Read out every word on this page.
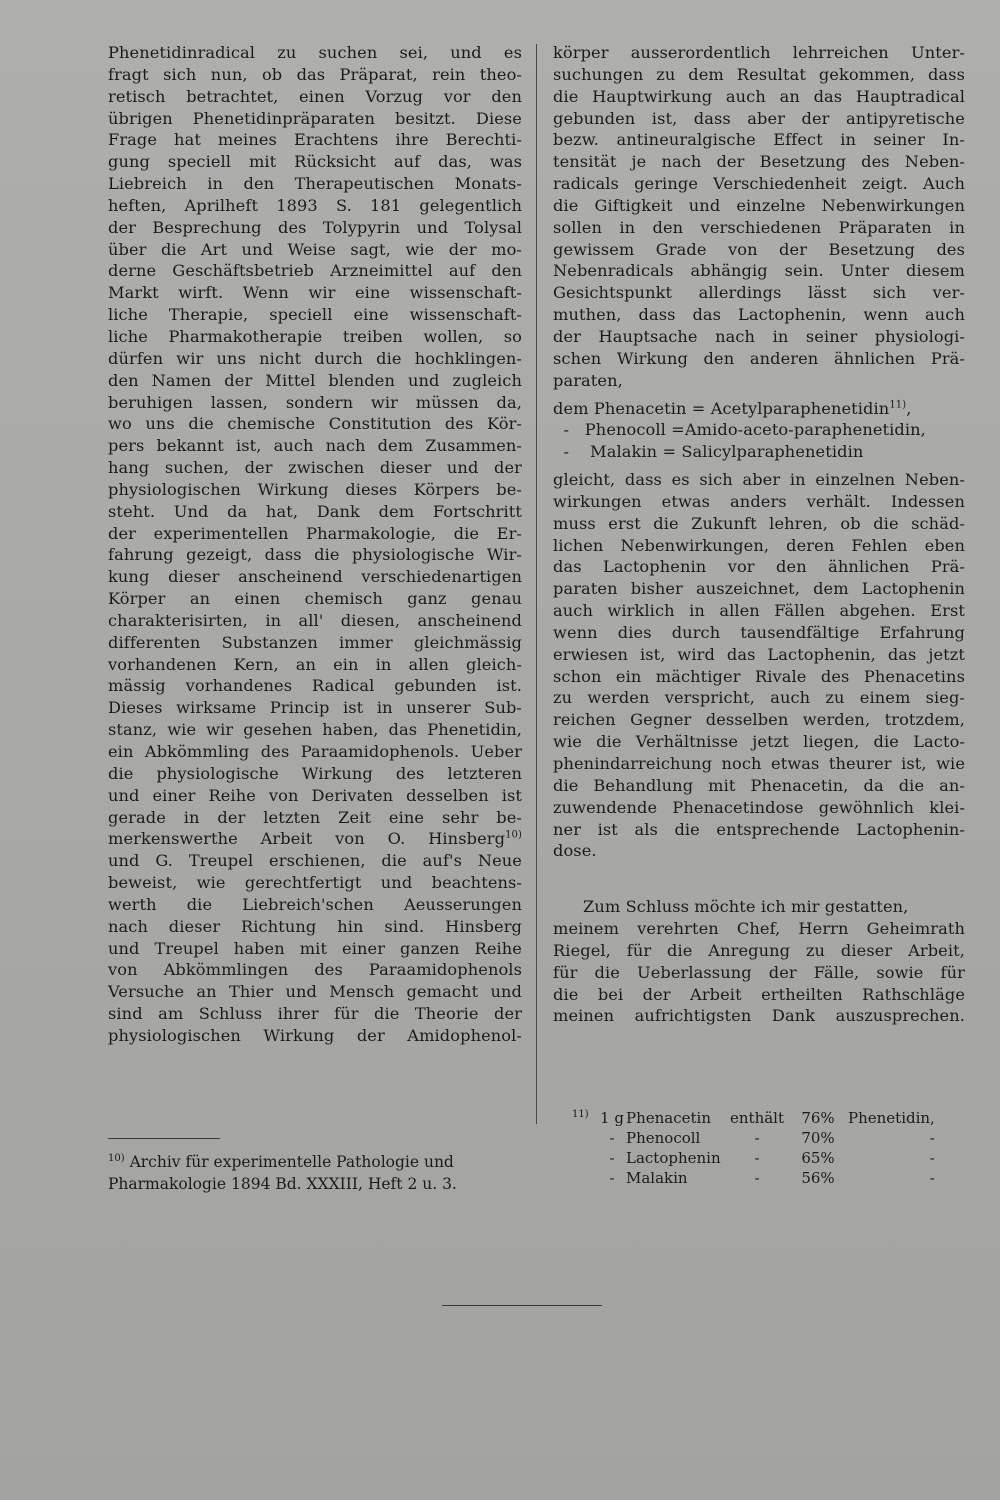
Phenetidinradical zu suchen sei, und es
fragt sich nun, ob das Präparat, rein theo-
retisch betrachtet, einen Vorzug vor den
übrigen Phenetidinpräparaten besitzt. Diese
Frage hat meines Erachtens ihre Berechti-
gung speciell mit Rücksicht auf das, was
Liebreich in den Therapeutischen Monats-
heften, Aprilheft 1893 S. 181 gelegentlich
der Besprechung des Tolypyrin und Tolysal
über die Art und Weise sagt, wie der mo-
derne Geschäftsbetrieb Arzneimittel auf den
Markt wirft. Wenn wir eine wissenschaft-
liche Therapie, speciell eine wissenschaft-
liche Pharmakotherapie treiben wollen, so
dürfen wir uns nicht durch die hochklingen-
den Namen der Mittel blenden und zugleich
beruhigen lassen, sondern wir müssen da,
wo uns die chemische Constitution des Kör-
pers bekannt ist, auch nach dem Zusammen-
hang suchen, der zwischen dieser und der
physiologischen Wirkung dieses Körpers be-
steht. Und da hat, Dank dem Fortschritt
der experimentellen Pharmakologie, die Er-
fahrung gezeigt, dass die physiologische Wir-
kung dieser anscheinend verschiedenartigen
Körper an einen chemisch ganz genau
charakterisirten, in all' diesen, anscheinend
differenten Substanzen immer gleichmässig
vorhandenen Kern, an ein in allen gleich-
mässig vorhandenes Radical gebunden ist.
Dieses wirksame Princip ist in unserer Sub-
stanz, wie wir gesehen haben, das Phenetidin,
ein Abkömmling des Paraamidophenols. Ueber
die physiologische Wirkung des letzteren
und einer Reihe von Derivaten desselben ist
gerade in der letzten Zeit eine sehr be-
merkenswerthe Arbeit von O. Hinsberg$^{10)}$
und G. Treupel erschienen, die auf's Neue
beweist, wie gerechtfertigt und beachtens-
werth die Liebreich'schen Aeusserungen
nach dieser Richtung hin sind. Hinsberg
und Treupel haben mit einer ganzen Reihe
von Abkömmlingen des Paraamidophenols
Versuche an Thier und Mensch gemacht und
sind am Schluss ihrer für die Theorie der
physiologischen Wirkung der Amidophenol-
$^{10)}$ Archiv für experimentelle Pathologie und
Pharmakologie 1894 Bd. XXXIII, Heft 2 u. 3.
körper ausserordentlich lehrreichen Unter-
suchungen zu dem Resultat gekommen, dass
die Hauptwirkung auch an das Hauptradical
gebunden ist, dass aber der antipyretische
bezw. antineuralgische Effect in seiner In-
tensität je nach der Besetzung des Neben-
radicals geringe Verschiedenheit zeigt. Auch
die Giftigkeit und einzelne Nebenwirkungen
sollen in den verschiedenen Präparaten in
gewissem Grade von der Besetzung des
Nebenradicals abhängig sein. Unter diesem
Gesichtspunkt allerdings lässt sich ver-
muthen, dass das Lactophenin, wenn auch
der Hauptsache nach in seiner physiologi-
schen Wirkung den anderen ähnlichen Prä-
paraten,
dem Phenacetin = Acetylparaphenetidin$^{11)}$,
-   Phenocoll =Amido-aceto-paraphenetidin,
-    Malakin = Salicylparaphenetidin
gleicht, dass es sich aber in einzelnen Neben-
wirkungen etwas anders verhält. Indessen
muss erst die Zukunft lehren, ob die schäd-
lichen Nebenwirkungen, deren Fehlen eben
das Lactophenin vor den ähnlichen Prä-
paraten bisher auszeichnet, dem Lactophenin
auch wirklich in allen Fällen abgehen. Erst
wenn dies durch tausendfältige Erfahrung
erwiesen ist, wird das Lactophenin, das jetzt
schon ein mächtiger Rivale des Phenacetins
zu werden verspricht, auch zu einem sieg-
reichen Gegner desselben werden, trotzdem,
wie die Verhältnisse jetzt liegen, die Lacto-
phenindarreichung noch etwas theurer ist, wie
die Behandlung mit Phenacetin, da die an-
zuwendende Phenacetindose gewöhnlich klei-
ner ist als die entsprechende Lactophenin-
dose.
Zum Schluss möchte ich mir gestatten,
meinem verehrten Chef, Herrn Geheimrath
Riegel, für die Anregung zu dieser Arbeit,
für die Ueberlassung der Fälle, sowie für
die bei der Arbeit ertheilten Rathschläge
meinen aufrichtigsten Dank auszusprechen.
$^{11)}$	1 g	Phenacetin	enthält	76%	Phenetidin,
	-	Phenocoll	-	70%	-
	-	Lactophenin	-	65%	-
	-	Malakin	-	56%	-
